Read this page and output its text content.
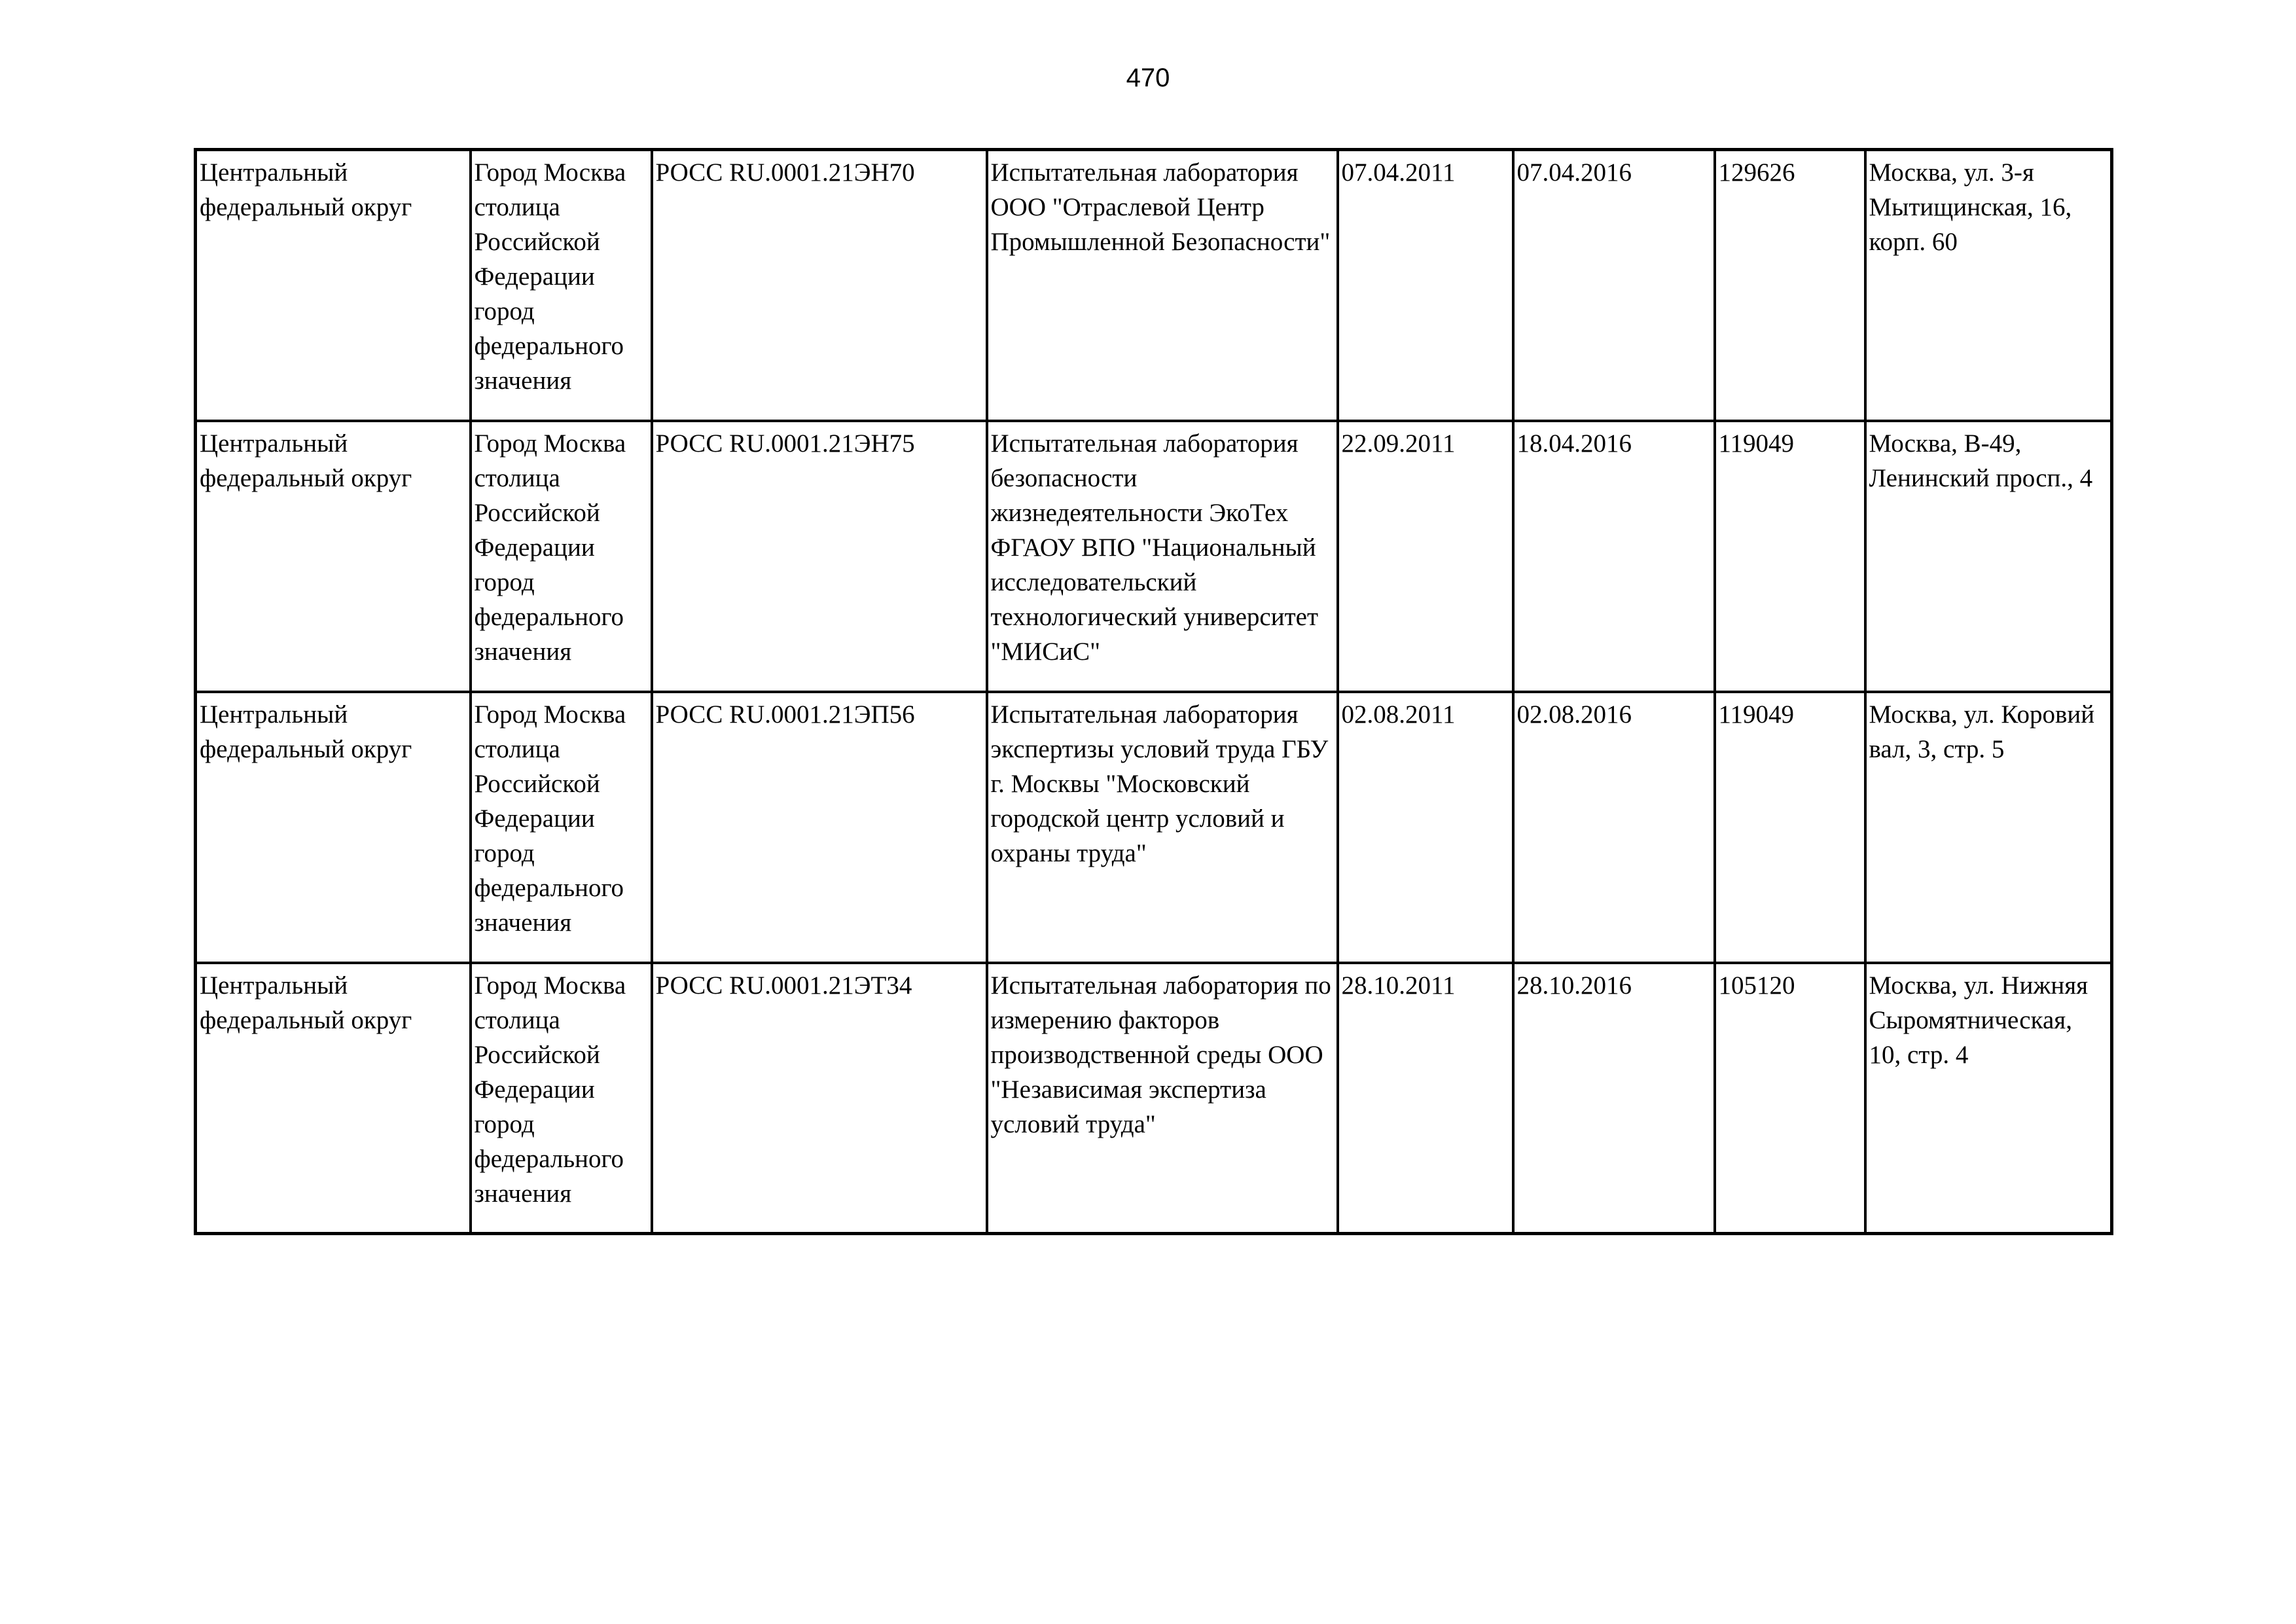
470
Центральный федеральный округ	Город Москва столица Российской Федерации город федерального значения	РОСС RU.0001.21ЭН70	Испытательная лаборатория ООО "Отраслевой Центр Промышленной Безопасности"	07.04.2011	07.04.2016	129626	Москва, ул. 3-я Мытищинская, 16, корп. 60

Центральный федеральный округ	Город Москва столица Российской Федерации город федерального значения	РОСС RU.0001.21ЭН75	Испытательная лаборатория безопасности жизнедеятельности ЭкоТех ФГАОУ ВПО "Национальный исследовательский технологический университет "МИСиС"	22.09.2011	18.04.2016	119049	Москва, В-49, Ленинский просп., 4

Центральный федеральный округ	Город Москва столица Российской Федерации город федерального значения	РОСС RU.0001.21ЭП56	Испытательная лаборатория экспертизы условий труда ГБУ г. Москвы "Московский городской центр условий и охраны труда"	02.08.2011	02.08.2016	119049	Москва, ул. Коровий вал, 3, стр. 5

Центральный федеральный округ	Город Москва столица Российской Федерации город федерального значения	РОСС RU.0001.21ЭТ34	Испытательная лаборатория по измерению факторов производственной среды ООО "Независимая экспертиза условий труда"	28.10.2011	28.10.2016	105120	Москва, ул. Нижняя Сыромятническая, 10, стр. 4
